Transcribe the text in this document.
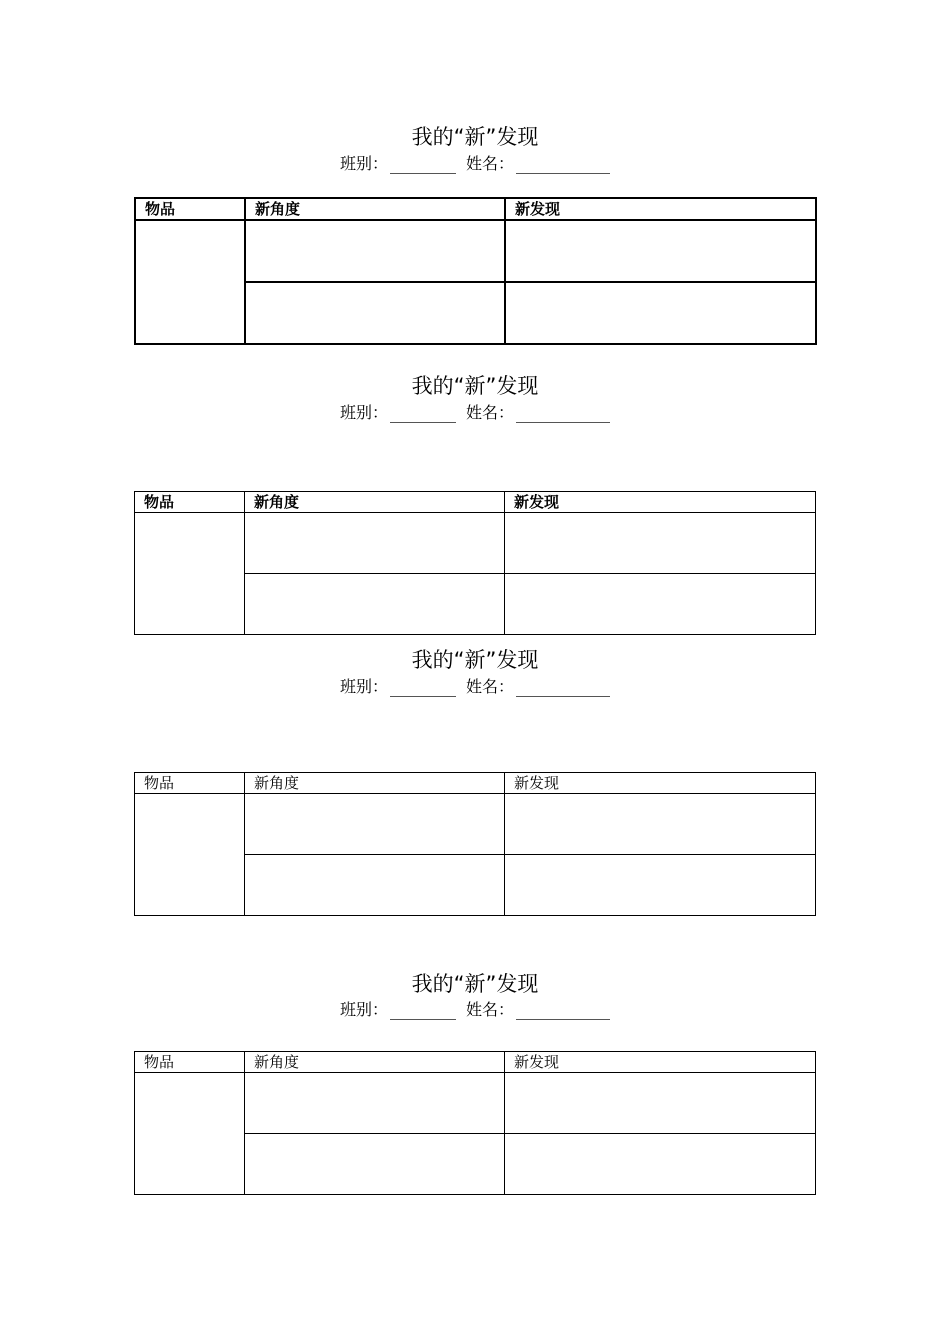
我的“新”发现
班别：	姓名：
物品	新角度	新发现

我的“新”发现
班别：	姓名：
物品	新角度	新发现

我的“新”发现
班别：	姓名：
物品	新角度	新发现

我的“新”发现
班别：	姓名：
物品	新角度	新发现
